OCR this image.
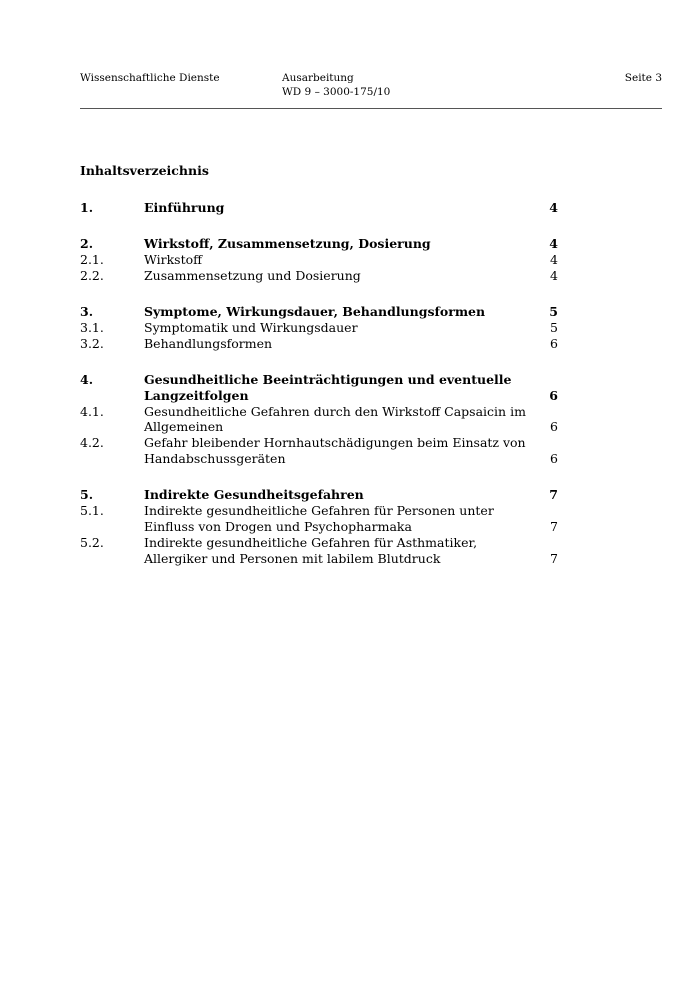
Wissenschaftliche Dienste	Ausarbeitung
WD 9 – 3000-175/10
Seite 3
Inhaltsverzeichnis
1.	Einführung	4
2.	Wirkstoff, Zusammensetzung, Dosierung	4
2.1.	Wirkstoff	4
2.2.	Zusammensetzung und Dosierung	4
3.	Symptome, Wirkungsdauer, Behandlungsformen	5
3.1.	Symptomatik und Wirkungsdauer	5
3.2.	Behandlungsformen	6
4.	Gesundheitliche Beeinträchtigungen und eventuelle Langzeitfolgen	6
4.1.	Gesundheitliche Gefahren durch den Wirkstoff Capsaicin im Allgemeinen	6
4.2.	Gefahr bleibender Hornhautschädigungen beim Einsatz von Handabschussgeräten	6
5.	Indirekte Gesundheitsgefahren	7
5.1.	Indirekte gesundheitliche Gefahren für Personen unter Einfluss von Drogen und Psychopharmaka	7
5.2.	Indirekte gesundheitliche Gefahren für Asthmatiker, Allergiker und Personen mit labilem Blutdruck	7
